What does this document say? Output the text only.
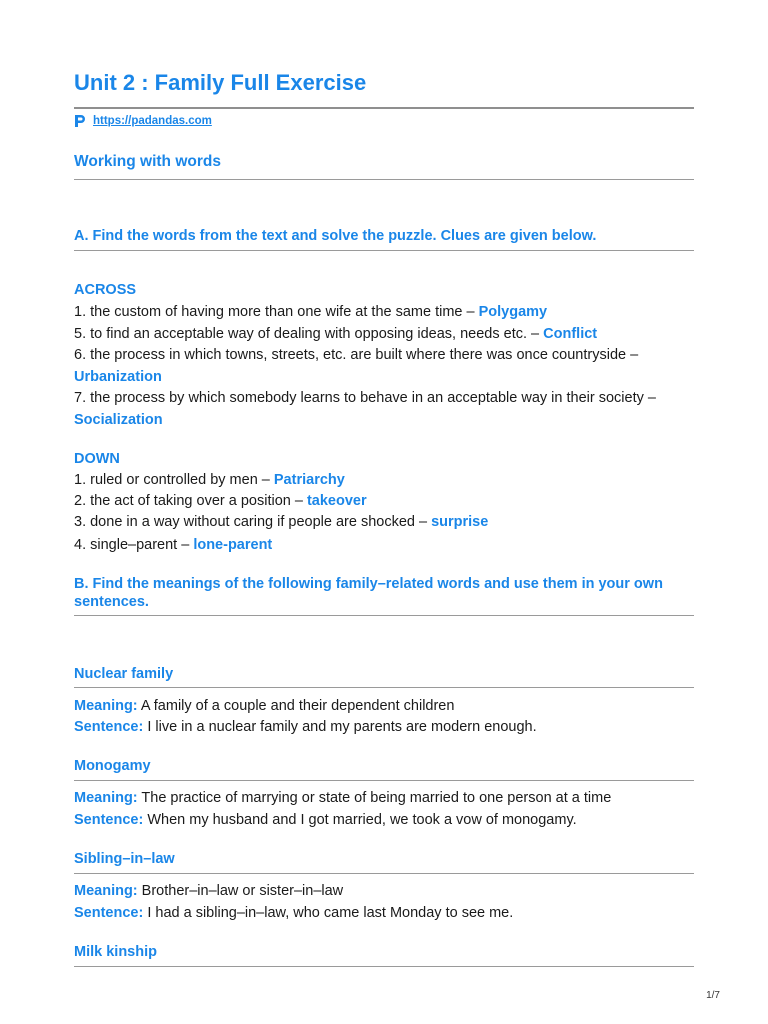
Unit 2 : Family Full Exercise
https://padandas.com
Working with words
A. Find the words from the text and solve the puzzle. Clues are given below.
ACROSS
1. the custom of having more than one wife at the same time – Polygamy
5. to find an acceptable way of dealing with opposing ideas, needs etc. – Conflict
6. the process in which towns, streets, etc. are built where there was once countryside –
Urbanization
7. the process by which somebody learns to behave in an acceptable way in their society –
Socialization
DOWN
1. ruled or controlled by men – Patriarchy
2. the act of taking over a position – takeover
3. done in a way without caring if people are shocked – surprise
4. single–parent – lone-parent
B. Find the meanings of the following family–related words and use them in your own
sentences.
Nuclear family
Meaning: A family of a couple and their dependent children
Sentence: I live in a nuclear family and my parents are modern enough.
Monogamy
Meaning: The practice of marrying or state of being married to one person at a time
Sentence: When my husband and I got married, we took a vow of monogamy.
Sibling–in–law
Meaning: Brother–in–law or sister–in–law
Sentence: I had a sibling–in–law, who came last Monday to see me.
Milk kinship
1/7
